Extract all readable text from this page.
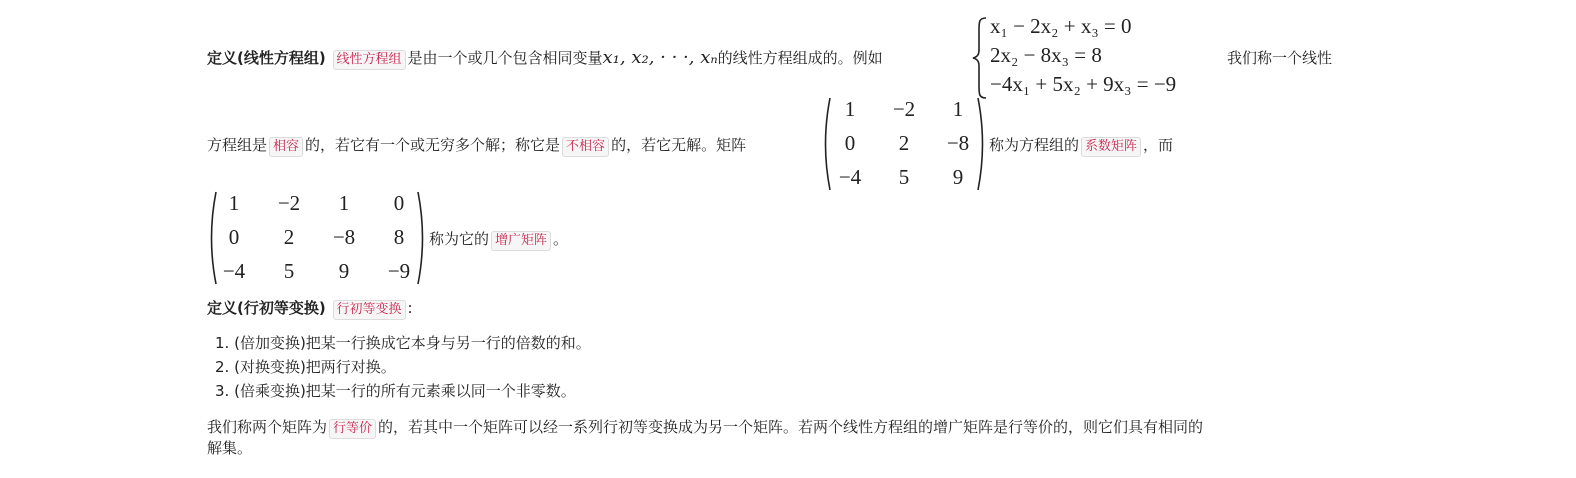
定义(线性方程组) 线性方程组 是由一个或几个包含相同变量x₁, x₂, · · ·, xₙ的线性方程组成的。例如
x₁ − 2x₂ + x₃ = 0
2x₂ − 8x₃ = 8
−4x₁ + 5x₂ + 9x₃ = −9
我们称一个线性
方程组是 相容 的，若它有一个或无穷多个解；称它是 不相容 的，若它无解。矩阵
1	−2	1
0	2	−8
−4	5	9
称为方程组的 系数矩阵 ，而
1	−2	1	0
0	2	−8	8
−4	5	9	−9
称为它的 增广矩阵 。
定义(行初等变换) 行初等变换 :
1. (倍加变换)把某一行换成它本身与另一行的倍数的和。
2. (对换变换)把两行对换。
3. (倍乘变换)把某一行的所有元素乘以同一个非零数。
我们称两个矩阵为 行等价 的，若其中一个矩阵可以经一系列行初等变换成为另一个矩阵。若两个线性方程组的增广矩阵是行等价的，则它们具有相同的
解集。
